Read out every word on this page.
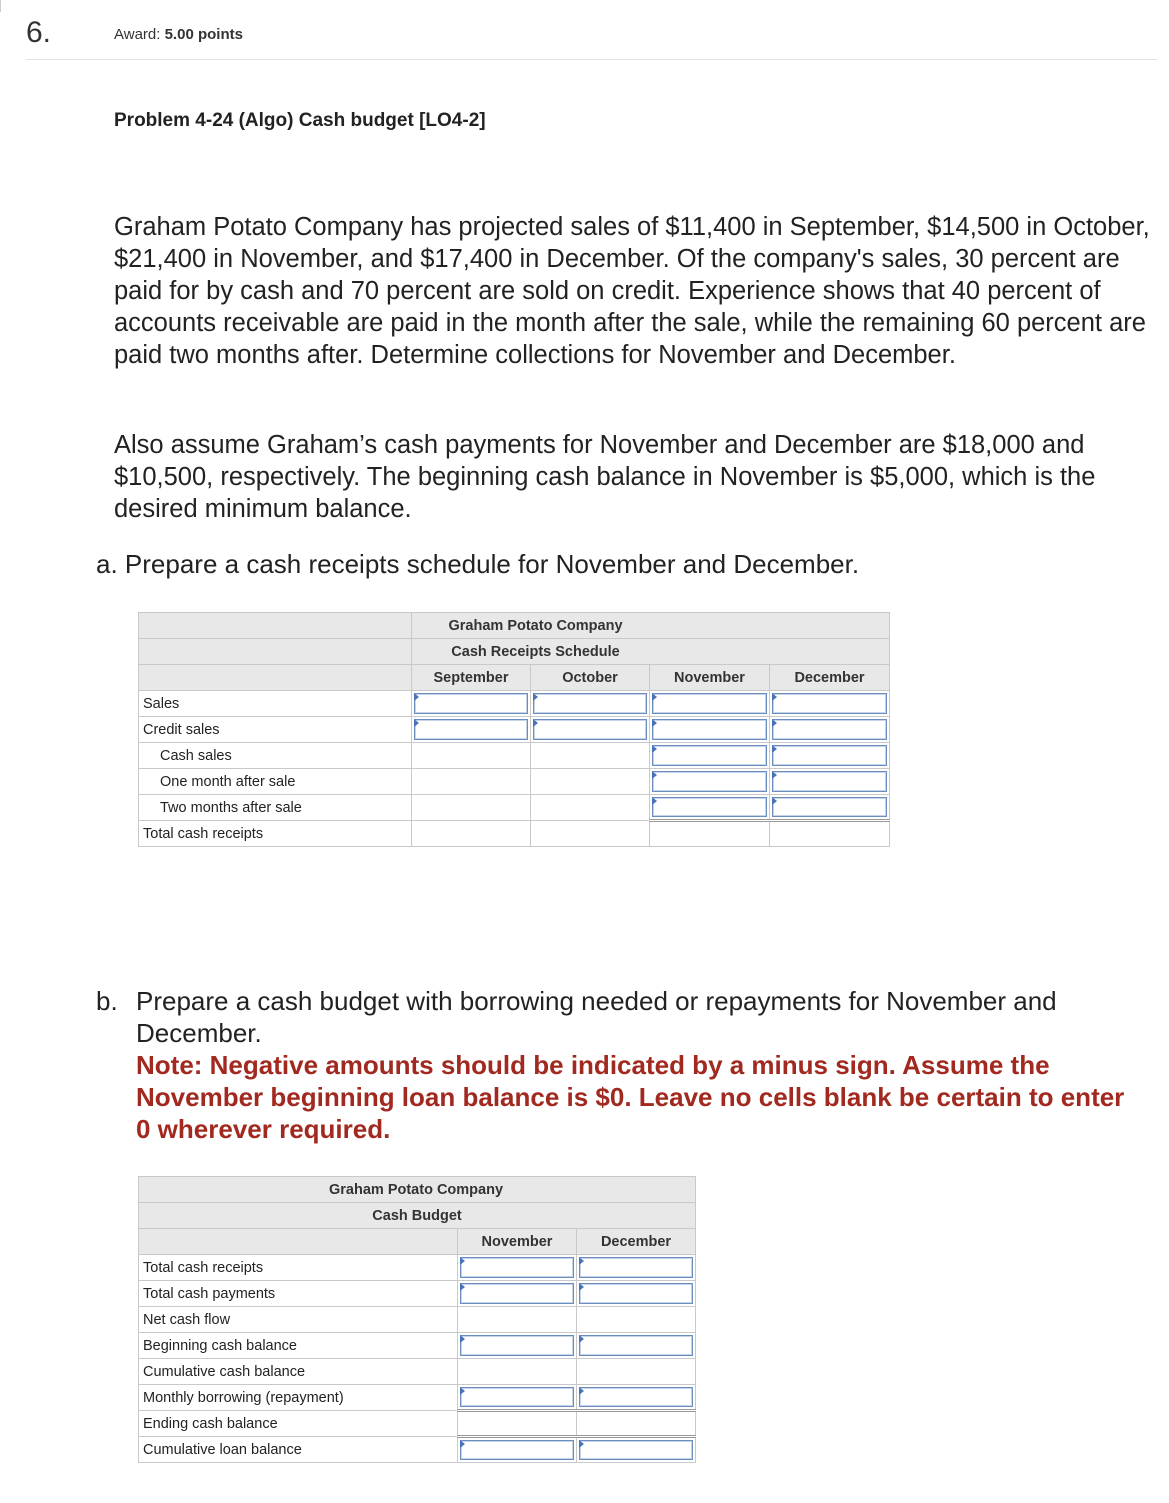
6.	Award: 5.00 points
Problem 4-24 (Algo) Cash budget [LO4-2]
Graham Potato Company has projected sales of $11,400 in September, $14,500 in October, $21,400 in November, and $17,400 in December. Of the company's sales, 30 percent are paid for by cash and 70 percent are sold on credit. Experience shows that 40 percent of accounts receivable are paid in the month after the sale, while the remaining 60 percent are paid two months after. Determine collections for November and December.
Also assume Graham’s cash payments for November and December are $18,000 and $10,500, respectively. The beginning cash balance in November is $5,000, which is the desired minimum balance.
a. Prepare a cash receipts schedule for November and December.

	Graham Potato Company			

	Cash Receipts Schedule			

	September	October	November	December
Sales	

Credit sales	

Cash sales			

One month after sale			

Two months after sale			

Total cash receipts				
b. Prepare a cash budget with borrowing needed or repayments for November and December.
Note: Negative amounts should be indicated by a minus sign. Assume the November beginning loan balance is $0. Leave no cells blank be certain to enter 0 wherever required.
Graham Potato Company		

Cash Budget		

	November	December
Total cash receipts	

Total cash payments	

Net cash flow		
Beginning cash balance	

Cumulative cash balance		
Monthly borrowing (repayment)	

Ending cash balance		
Cumulative loan balance	
